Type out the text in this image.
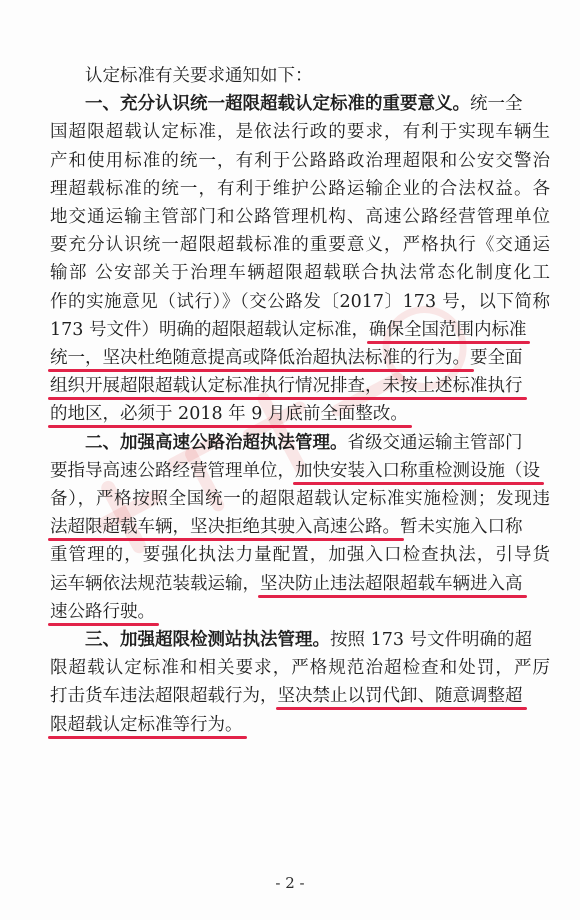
认定标准有关要求通知如下：
一、充分认识统一超限超载认定标准的重要意义。统一全
国超限超载认定标准，是依法行政的要求，有利于实现车辆生
产和使用标准的统一，有利于公路路政治理超限和公安交警治
理超载标准的统一，有利于维护公路运输企业的合法权益。各
地交通运输主管部门和公路管理机构、高速公路经营管理单位
要充分认识统一超限超载标准的重要意义，严格执行《交通运
输部 公安部关于治理车辆超限超载联合执法常态化制度化工
作的实施意见（试行）》（交公路发〔2017〕173 号，以下简称
173 号文件）明确的超限超载认定标准，确保全国范围内标准
统一，坚决杜绝随意提高或降低治超执法标准的行为。要全面
组织开展超限超载认定标准执行情况排查，未按上述标准执行
的地区，必须于 2018 年 9 月底前全面整改。
二、加强高速公路治超执法管理。省级交通运输主管部门
要指导高速公路经营管理单位，加快安装入口称重检测设施（设
备），严格按照全国统一的超限超载认定标准实施检测；发现违
法超限超载车辆，坚决拒绝其驶入高速公路。暂未实施入口称
重管理的，要强化执法力量配置，加强入口检查执法，引导货
运车辆依法规范装载运输，坚决防止违法超限超载车辆进入高
速公路行驶。
三、加强超限检测站执法管理。按照 173 号文件明确的超
限超载认定标准和相关要求，严格规范治超检查和处罚，严厉
打击货车违法超限超载行为，坚决禁止以罚代卸、随意调整超
限超载认定标准等行为。
- 2 -
